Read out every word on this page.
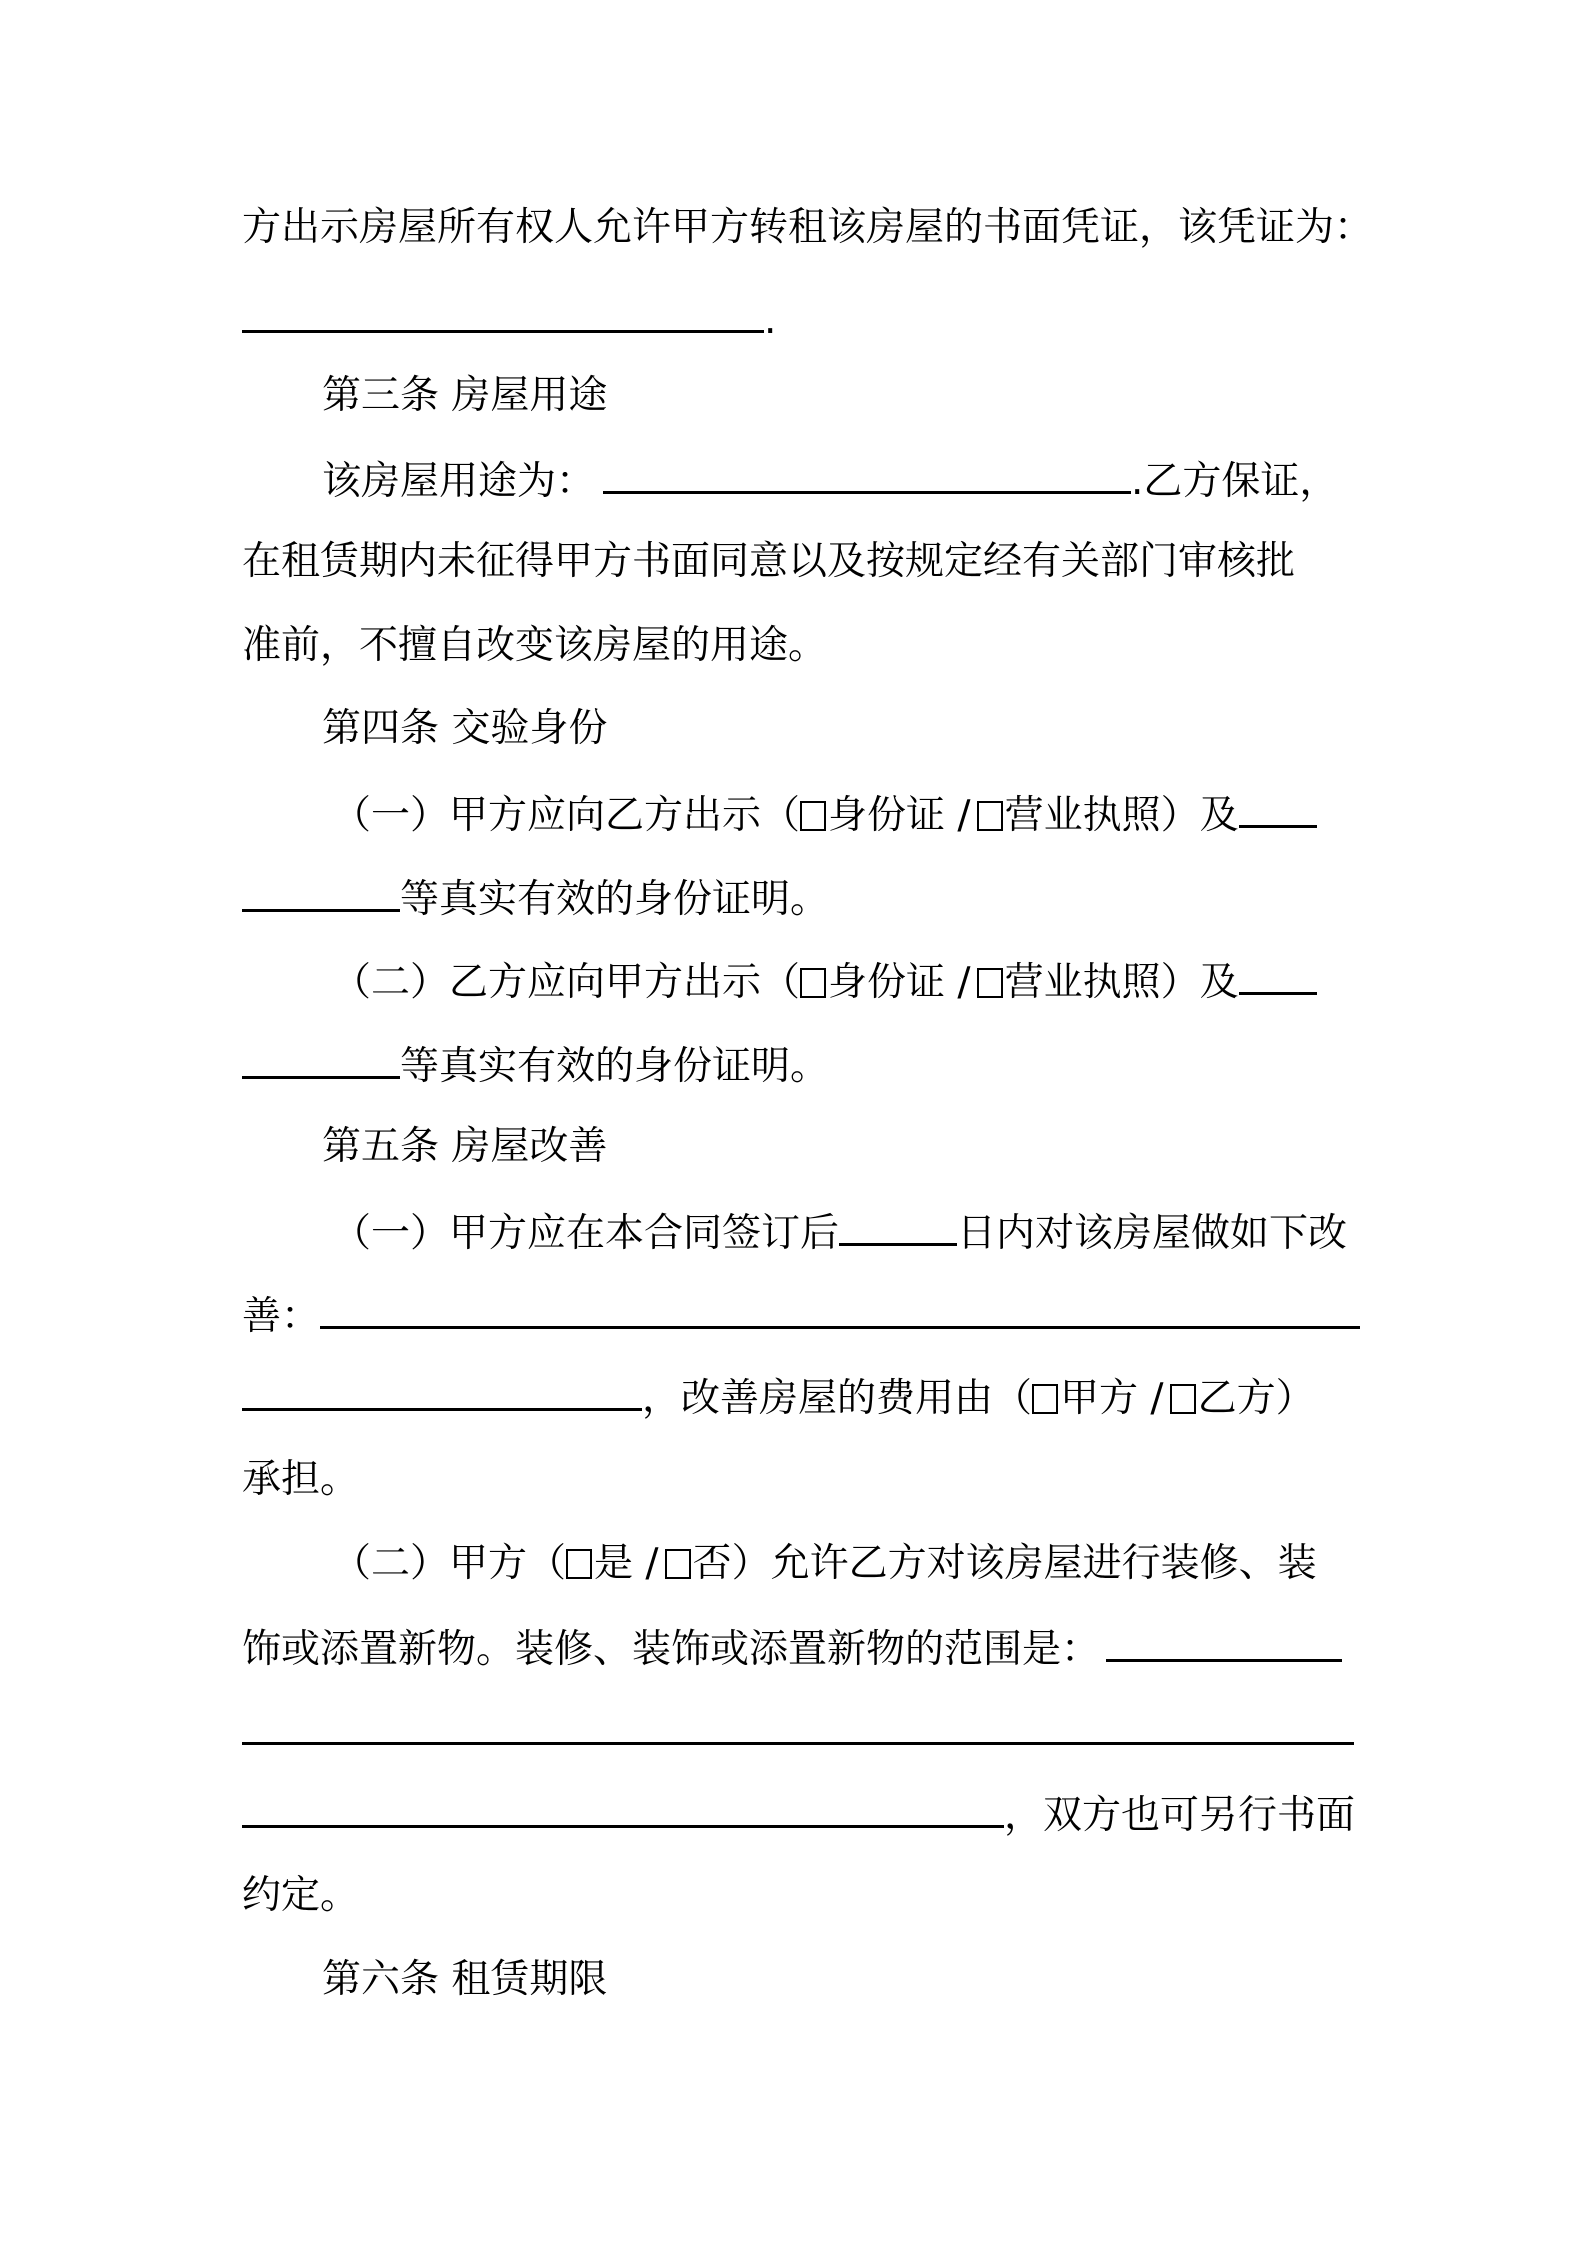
方出示房屋所有权人允许甲方转租该房屋的书面凭证，该凭证为：
.
第三条 房屋用途
该房屋用途为：	.乙方保证，
在租赁期内未征得甲方书面同意以及按规定经有关部门审核批
准前，不擅自改变该房屋的用途。
第四条 交验身份
（一）甲方应向乙方出示（ 身份证 / 营业执照）及
等真实有效的身份证明。
（二）乙方应向甲方出示（ 身份证 / 营业执照）及
等真实有效的身份证明。
第五条 房屋改善
（一）甲方应在本合同签订后	日内对该房屋做如下改
善：
，改善房屋的费用由（ 甲方 / 乙方）
承担。
（二）甲方（ 是 / 否）允许乙方对该房屋进行装修、装
饰或添置新物。装修、装饰或添置新物的范围是：
，双方也可另行书面
约定。
第六条 租赁期限
